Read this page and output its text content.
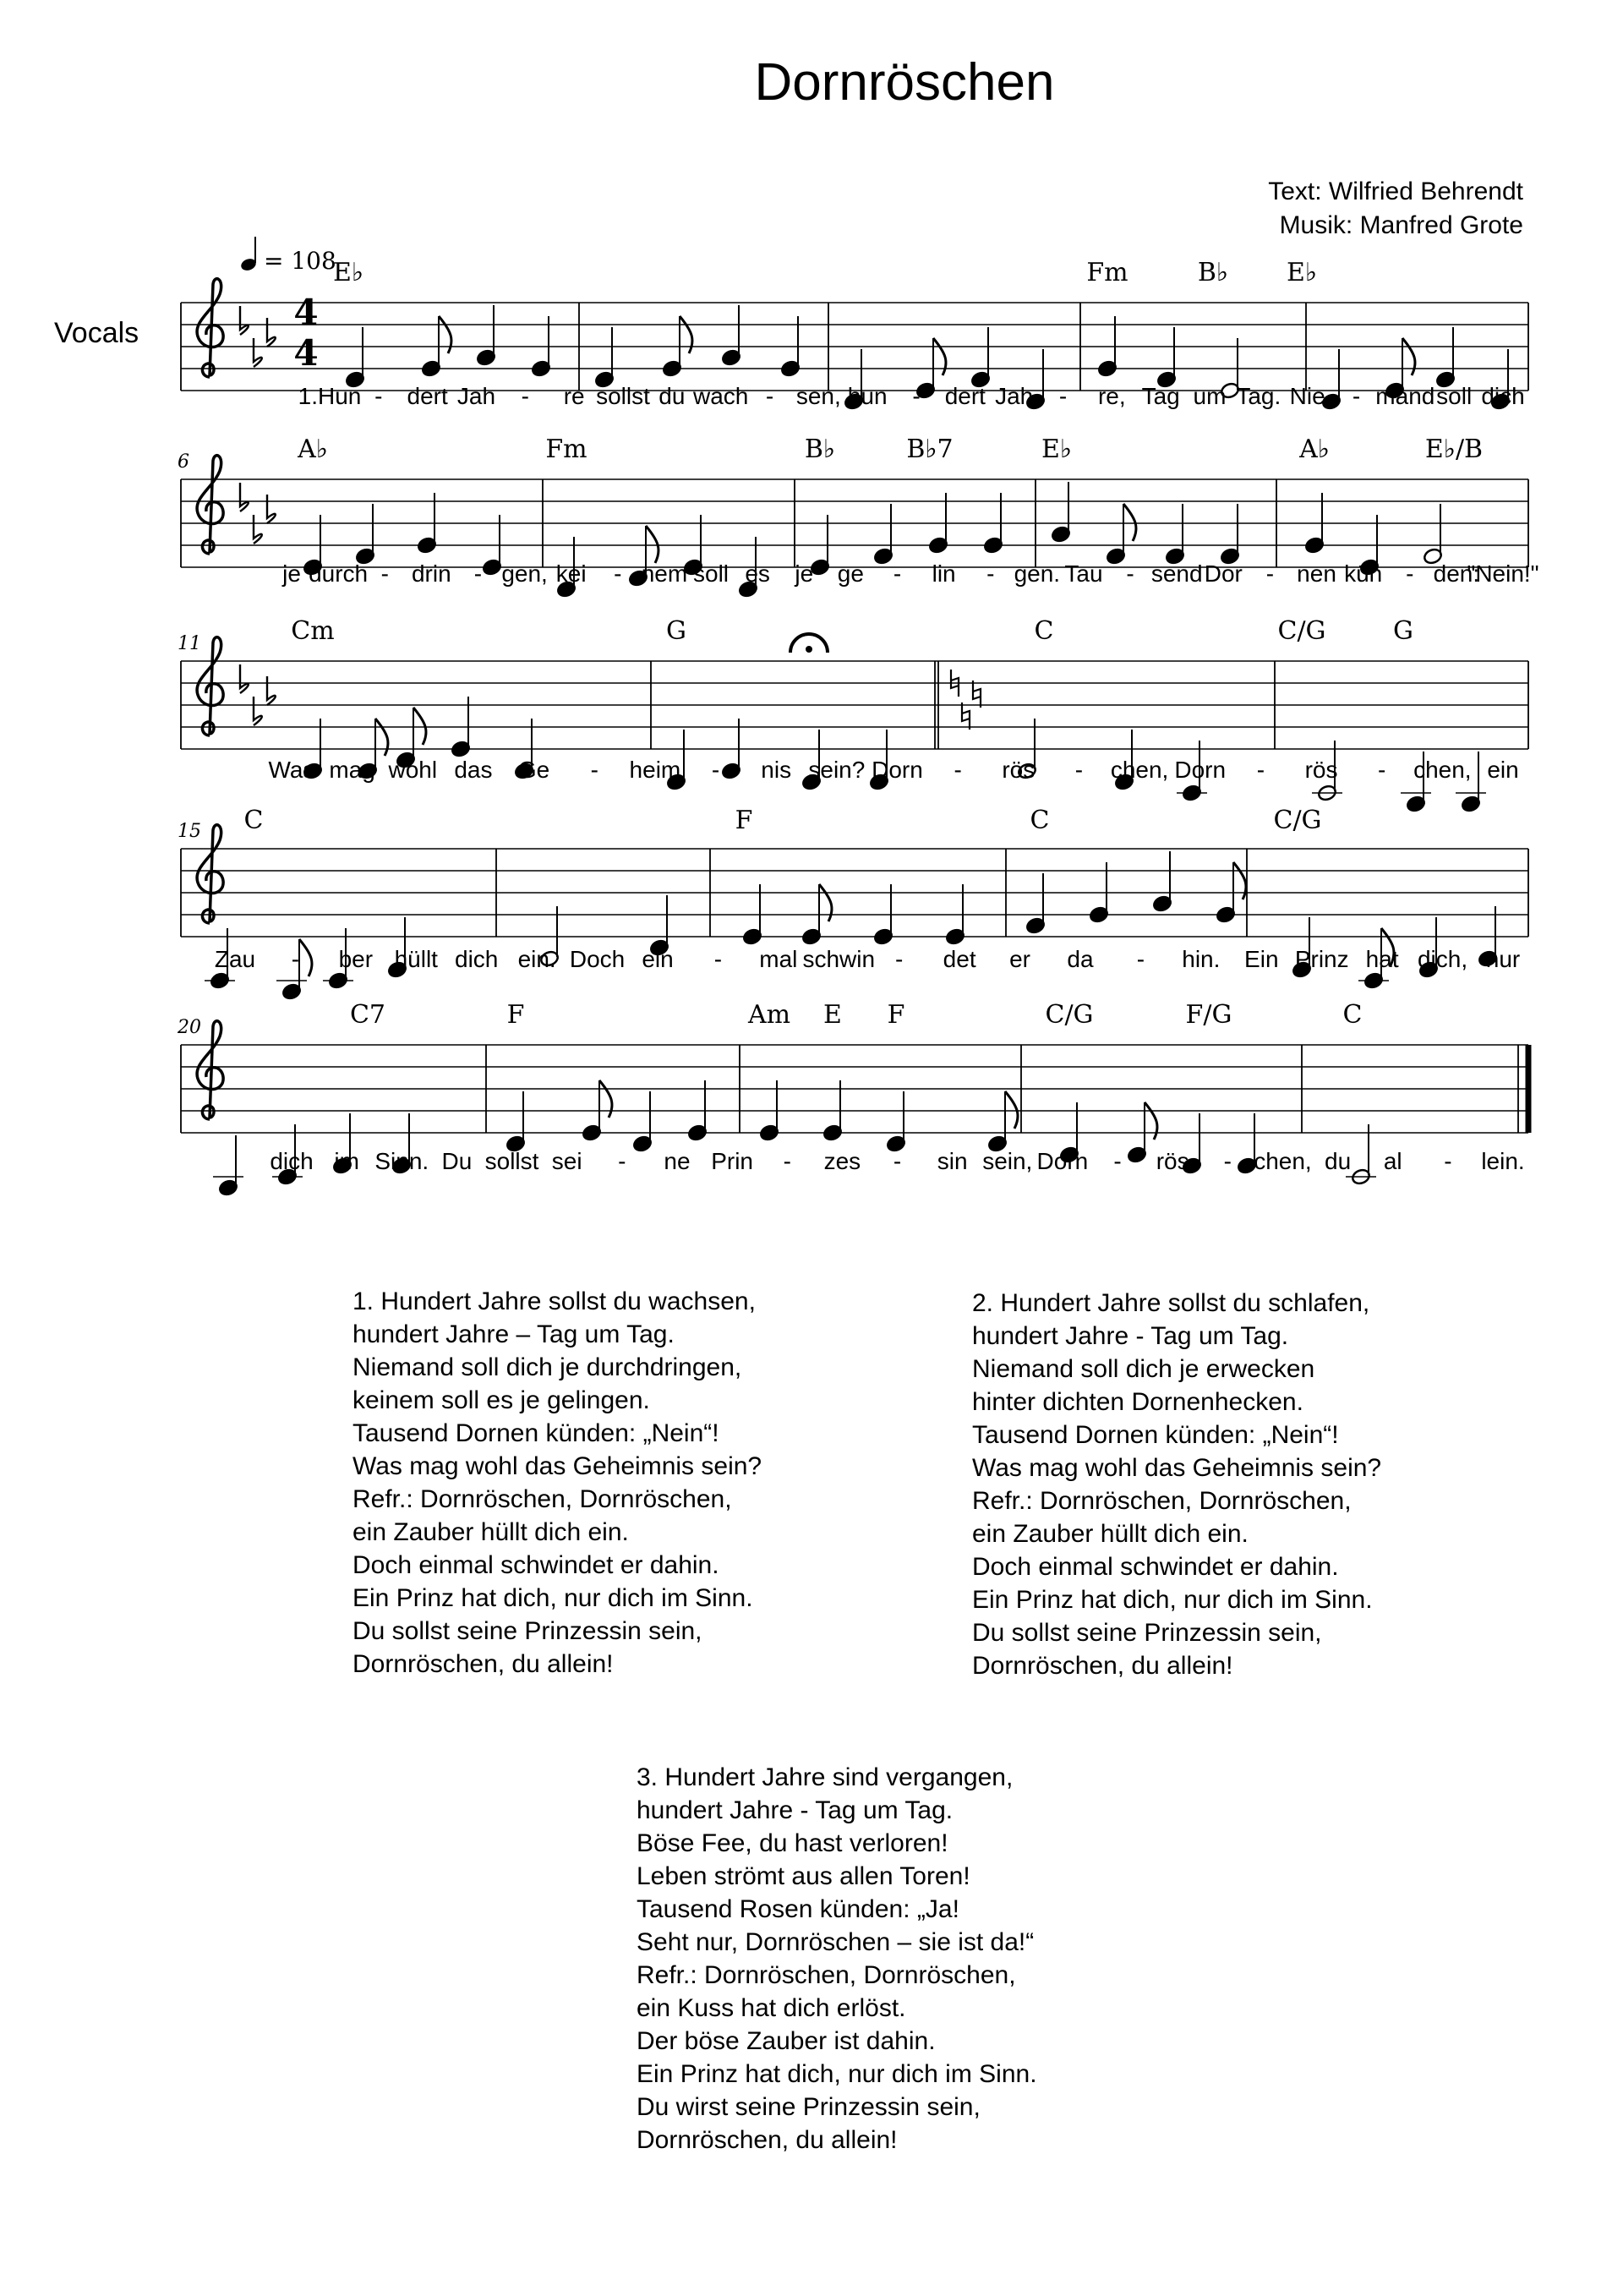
Dornröschen
Text: Wilfried Behrendt
Musik: Manfred Grote
Vocals	4
4
= 108
E♭	Fm	B♭ E♭
1.Hun - dert Jah - re sollst du wach - sen, hun - dert Jah - re, Tag um Tag. Nie - mand soll dich
6	A♭	Fm	B♭	B♭7	E♭	A♭	E♭/B
je durch - drin - gen, kei - nem soll es je ge - lin - gen. Tau - send Dor - nen kün - den:
"Nein!"
11	Cm	G	C	C/G	G
Was mag wohl das Ge - heim - nis sein? Dorn - rös - chen, Dorn - rös - chen, ein
15 C	F	C	C/G
Zau - ber hüllt dich ein. Doch ein - mal schwin - det er da - hin. Ein Prinz hat dich, nur
20	C7	F	Am E F	C/G	F/G	C
dich im Sinn. Du sollst sei - ne Prin - zes - sin sein, Dorn - rös - chen, du al - lein.
1. Hundert Jahre sollst du wachsen,
hundert Jahre – Tag um Tag.
Niemand soll dich je durchdringen,
keinem soll es je gelingen.
Tausend Dornen künden: „Nein“!
Was mag wohl das Geheimnis sein?
Refr.: Dornröschen, Dornröschen,
ein Zauber hüllt dich ein.
Doch einmal schwindet er dahin.
Ein Prinz hat dich, nur dich im Sinn.
Du sollst seine Prinzessin sein,
Dornröschen, du allein!
2. Hundert Jahre sollst du schlafen,
hundert Jahre - Tag um Tag.
Niemand soll dich je erwecken
hinter dichten Dornenhecken.
Tausend Dornen künden: „Nein“!
Was mag wohl das Geheimnis sein?
Refr.: Dornröschen, Dornröschen,
ein Zauber hüllt dich ein.
Doch einmal schwindet er dahin.
Ein Prinz hat dich, nur dich im Sinn.
Du sollst seine Prinzessin sein,
Dornröschen, du allein!
3. Hundert Jahre sind vergangen,
hundert Jahre - Tag um Tag.
Böse Fee, du hast verloren!
Leben strömt aus allen Toren!
Tausend Rosen künden: „Ja!
Seht nur, Dornröschen – sie ist da!“
Refr.: Dornröschen, Dornröschen,
ein Kuss hat dich erlöst.
Der böse Zauber ist dahin.
Ein Prinz hat dich, nur dich im Sinn.
Du wirst seine Prinzessin sein,
Dornröschen, du allein!
